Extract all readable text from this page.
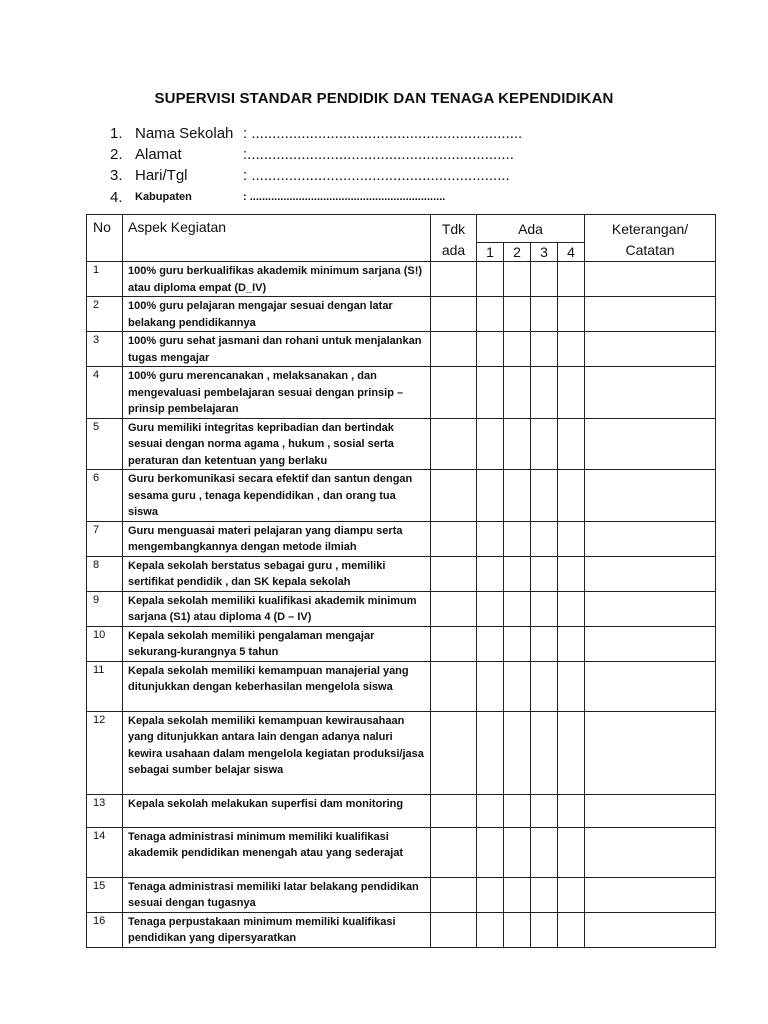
SUPERVISI STANDAR PENDIDIK DAN TENAGA KEPENDIDIKAN
1. Nama Sekolah : .................................................................
2. Alamat	:................................................................
3. Hari/Tgl	: ..............................................................
4.	Kabupaten	: ................................................................
No	Aspek Kegiatan	Tdk ada	Ada				Keterangan/ Catatan
			1	2	3	4	
1	100% guru berkualifikas akademik minimum sarjana (S!) atau diploma empat (D_IV)						
2	100% guru pelajaran mengajar sesuai dengan latar belakang pendidikannya						
3	100% guru sehat jasmani dan rohani untuk menjalankan tugas mengajar						
4	100% guru merencanakan , melaksanakan , dan mengevaluasi pembelajaran sesuai dengan prinsip –prinsip pembelajaran						
5	Guru memiliki integritas kepribadian dan bertindak sesuai dengan norma agama , hukum , sosial serta peraturan dan ketentuan yang berlaku						
6	Guru berkomunikasi secara efektif dan santun dengan sesama guru , tenaga kependidikan , dan orang tua siswa						
7	Guru menguasai materi pelajaran yang diampu serta mengembangkannya dengan metode ilmiah						
8	Kepala sekolah berstatus sebagai guru , memiliki sertifikat pendidik , dan SK kepala sekolah						
9	Kepala sekolah memiliki kualifikasi akademik minimum sarjana (S1) atau diploma 4 (D – IV)						
10	Kepala sekolah memiliki pengalaman mengajar sekurang-kurangnya 5 tahun						
11	Kepala sekolah memiliki kemampuan manajerial yang ditunjukkan dengan keberhasilan mengelola siswa						
12	Kepala sekolah memiliki kemampuan kewirausahaan yang ditunjukkan antara lain dengan adanya naluri kewira usahaan dalam mengelola kegiatan produksi/jasa sebagai sumber belajar siswa						
13	Kepala sekolah melakukan superfisi dam monitoring						
14	Tenaga administrasi minimum memiliki kualifikasi akademik pendidikan menengah atau yang sederajat						
15	Tenaga administrasi memiliki latar belakang pendidikan sesuai dengan tugasnya						
16	Tenaga perpustakaan minimum memiliki kualifikasi pendidikan yang dipersyaratkan						
